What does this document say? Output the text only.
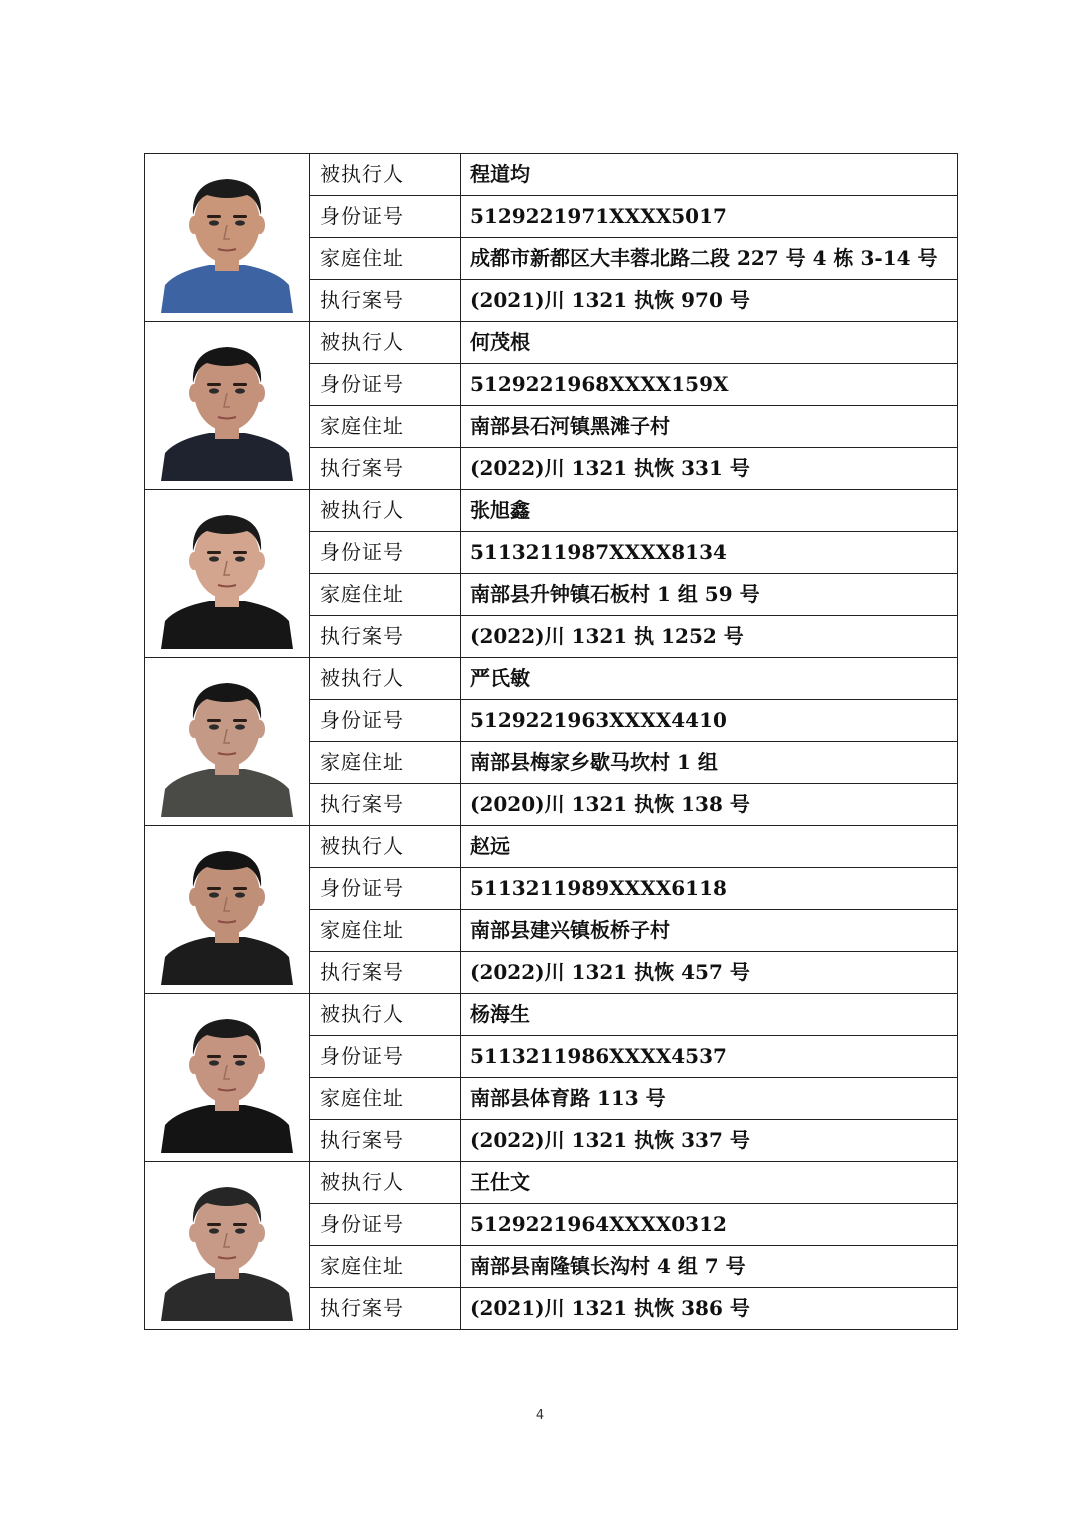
	被执行人	程道均
	身份证号	5129221971XXXX5017
	家庭住址	成都市新都区大丰蓉北路二段 227 号 4 栋 3-14 号
	执行案号	(2021)川 1321 执恢 970 号

	被执行人	何茂根
	身份证号	5129221968XXXX159X
	家庭住址	南部县石河镇黑滩子村
	执行案号	(2022)川 1321 执恢 331 号

	被执行人	张旭鑫
	身份证号	5113211987XXXX8134
	家庭住址	南部县升钟镇石板村 1 组 59 号
	执行案号	(2022)川 1321 执 1252 号

	被执行人	严氏敏
	身份证号	5129221963XXXX4410
	家庭住址	南部县梅家乡歇马坎村 1 组
	执行案号	(2020)川 1321 执恢 138 号

	被执行人	赵远
	身份证号	5113211989XXXX6118
	家庭住址	南部县建兴镇板桥子村
	执行案号	(2022)川 1321 执恢 457 号

	被执行人	杨海生
	身份证号	5113211986XXXX4537
	家庭住址	南部县体育路 113 号
	执行案号	(2022)川 1321 执恢 337 号

	被执行人	王仕文
	身份证号	5129221964XXXX0312
	家庭住址	南部县南隆镇长沟村 4 组 7 号
	执行案号	(2021)川 1321 执恢 386 号
4
